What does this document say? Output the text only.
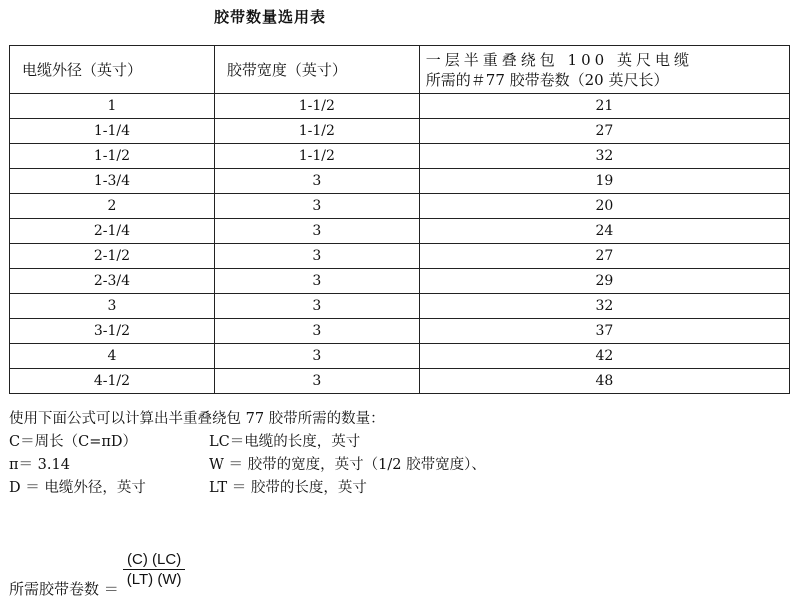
胶带数量选用表
电缆外径（英寸）	胶带宽度（英寸）	一层半重叠绕包 100 英尺电缆
所需的＃77 胶带卷数（20 英尺长）

1	1-1/2	21
1-1/4	1-1/2	27
1-1/2	1-1/2	32
1-3/4	3	19
2	3	20
2-1/4	3	24
2-1/2	3	27
2-3/4	3	29
3	3	32
3-1/2	3	37
4	3	42
4-1/2	3	48
使用下面公式可以计算出半重叠绕包 77 胶带所需的数量：
C＝周长（C=πD）	LC＝电缆的长度，英寸
π＝ 3.14	W ＝ 胶带的宽度，英寸（1/2 胶带宽度）、
D ＝ 电缆外径，英寸	LT ＝ 胶带的长度，英寸
所需胶带卷数 ＝
$\frac{(C) (LC)}{(LT) (W)}$
